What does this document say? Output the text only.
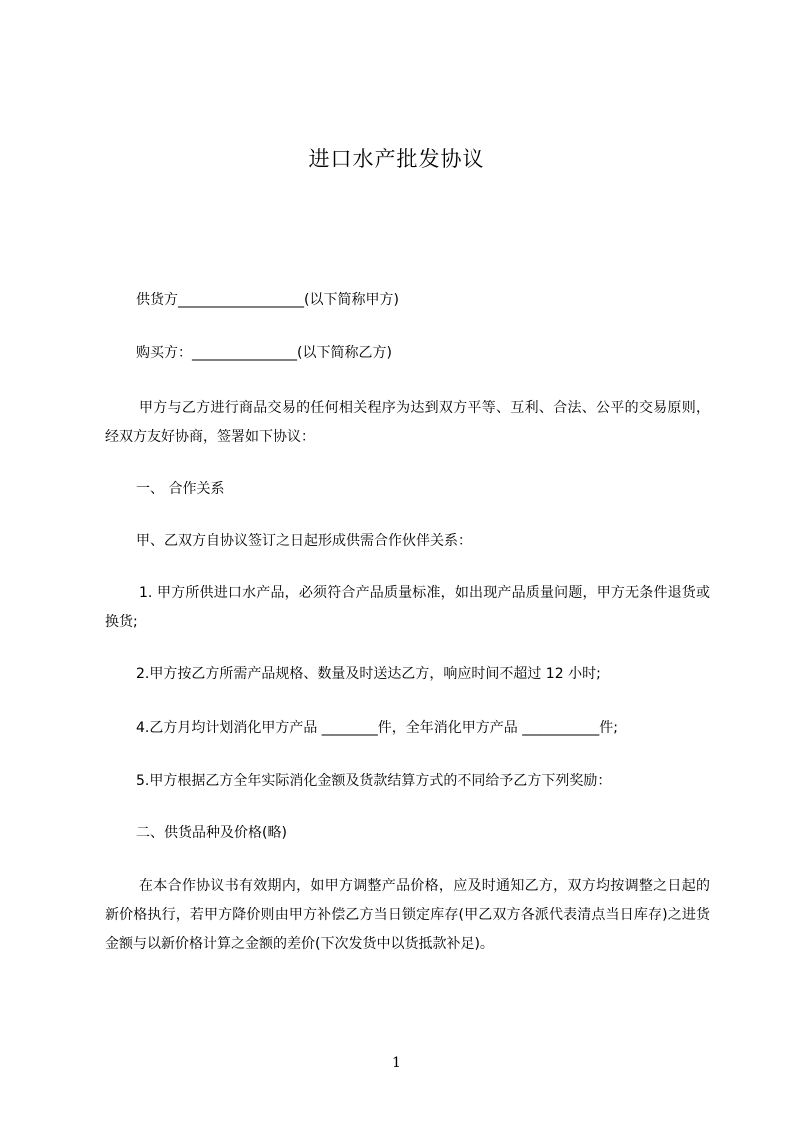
进口水产批发协议

供货方__________________(以下简称甲方)

购买方：_______________(以下简称乙方)

甲方与乙方进行商品交易的任何相关程序为达到双方平等、互利、合法、公平的交易原则，经双方友好协商，签署如下协议：

一、 合作关系

甲、乙双方自协议签订之日起形成供需合作伙伴关系：

1. 甲方所供进口水产品，必须符合产品质量标准，如出现产品质量问题，甲方无条件退货或换货;

2.甲方按乙方所需产品规格、数量及时送达乙方，响应时间不超过 12 小时;

4.乙方月均计划消化甲方产品 ________件，全年消化甲方产品 ___________件;

5.甲方根据乙方全年实际消化金额及货款结算方式的不同给予乙方下列奖励：

二、供货品种及价格(略)

在本合作协议书有效期内，如甲方调整产品价格，应及时通知乙方，双方均按调整之日起的新价格执行，若甲方降价则由甲方补偿乙方当日锁定库存(甲乙双方各派代表清点当日库存)之进货金额与以新价格计算之金额的差价(下次发货中以货抵款补足)。

1
